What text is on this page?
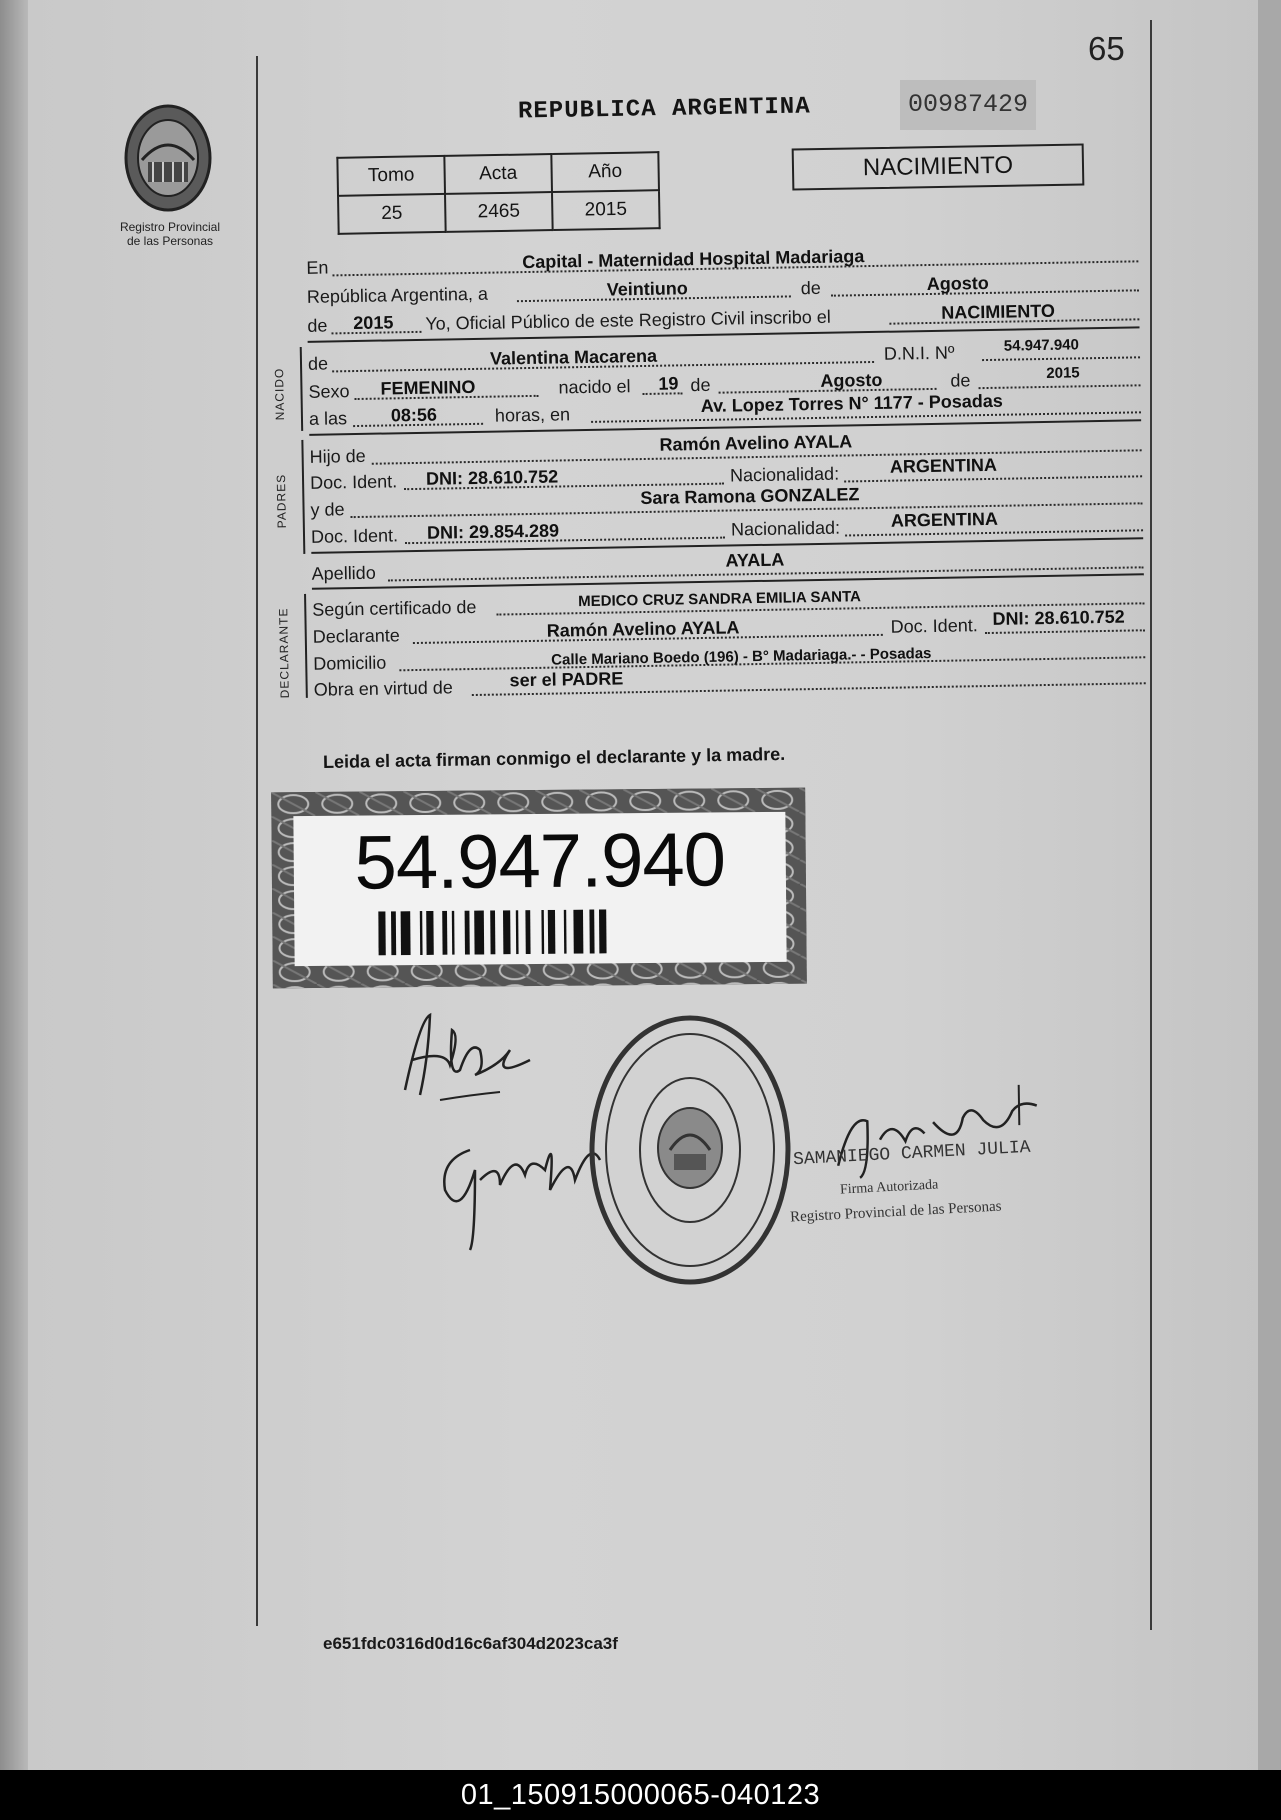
65
REPUBLICA ARGENTINA	00987429
Registro Provincial
de las Personas
Tomo	Acta	Año
25	2465	2015
NACIMIENTO
En	Capital - Maternidad Hospital Madariaga
República Argentina, a	Veintiuno	de	Agosto
de 2015 Yo, Oficial Público de este Registro Civil inscribo el	NACIMIENTO
NACIDO
de	Valentina Macarena	D.N.I. Nº	54.947.940
Sexo FEMENINO	nacido el 19 de	Agosto	de	2015
a las 08:56	horas, en	Av. Lopez Torres N° 1177 - Posadas
PADRES
Hijo de
Ramón Avelino AYALA
Doc. Ident. DNI: 28.610.752	Nacionalidad:	ARGENTINA
y de
Sara Ramona GONZALEZ
Doc. Ident. DNI: 29.854.289	Nacionalidad:	ARGENTINA
Apellido
AYALA
DECLARANTE Según certificado de	MEDICO CRUZ SANDRA EMILIA SANTA
Declarante	Ramón Avelino AYALA	Doc. Ident. DNI: 28.610.752
Domicilio	Calle Mariano Boedo (196) - B° Madariaga.- - Posadas
Obra en virtud de	ser el PADRE
Leida el acta firman conmigo el declarante y la madre.
54.947.940
SAMANIEGO CARMEN JULIA
Firma Autorizada
Registro Provincial de las Personas
e651fdc0316d0d16c6af304d2023ca3f
01_150915000065-040123
